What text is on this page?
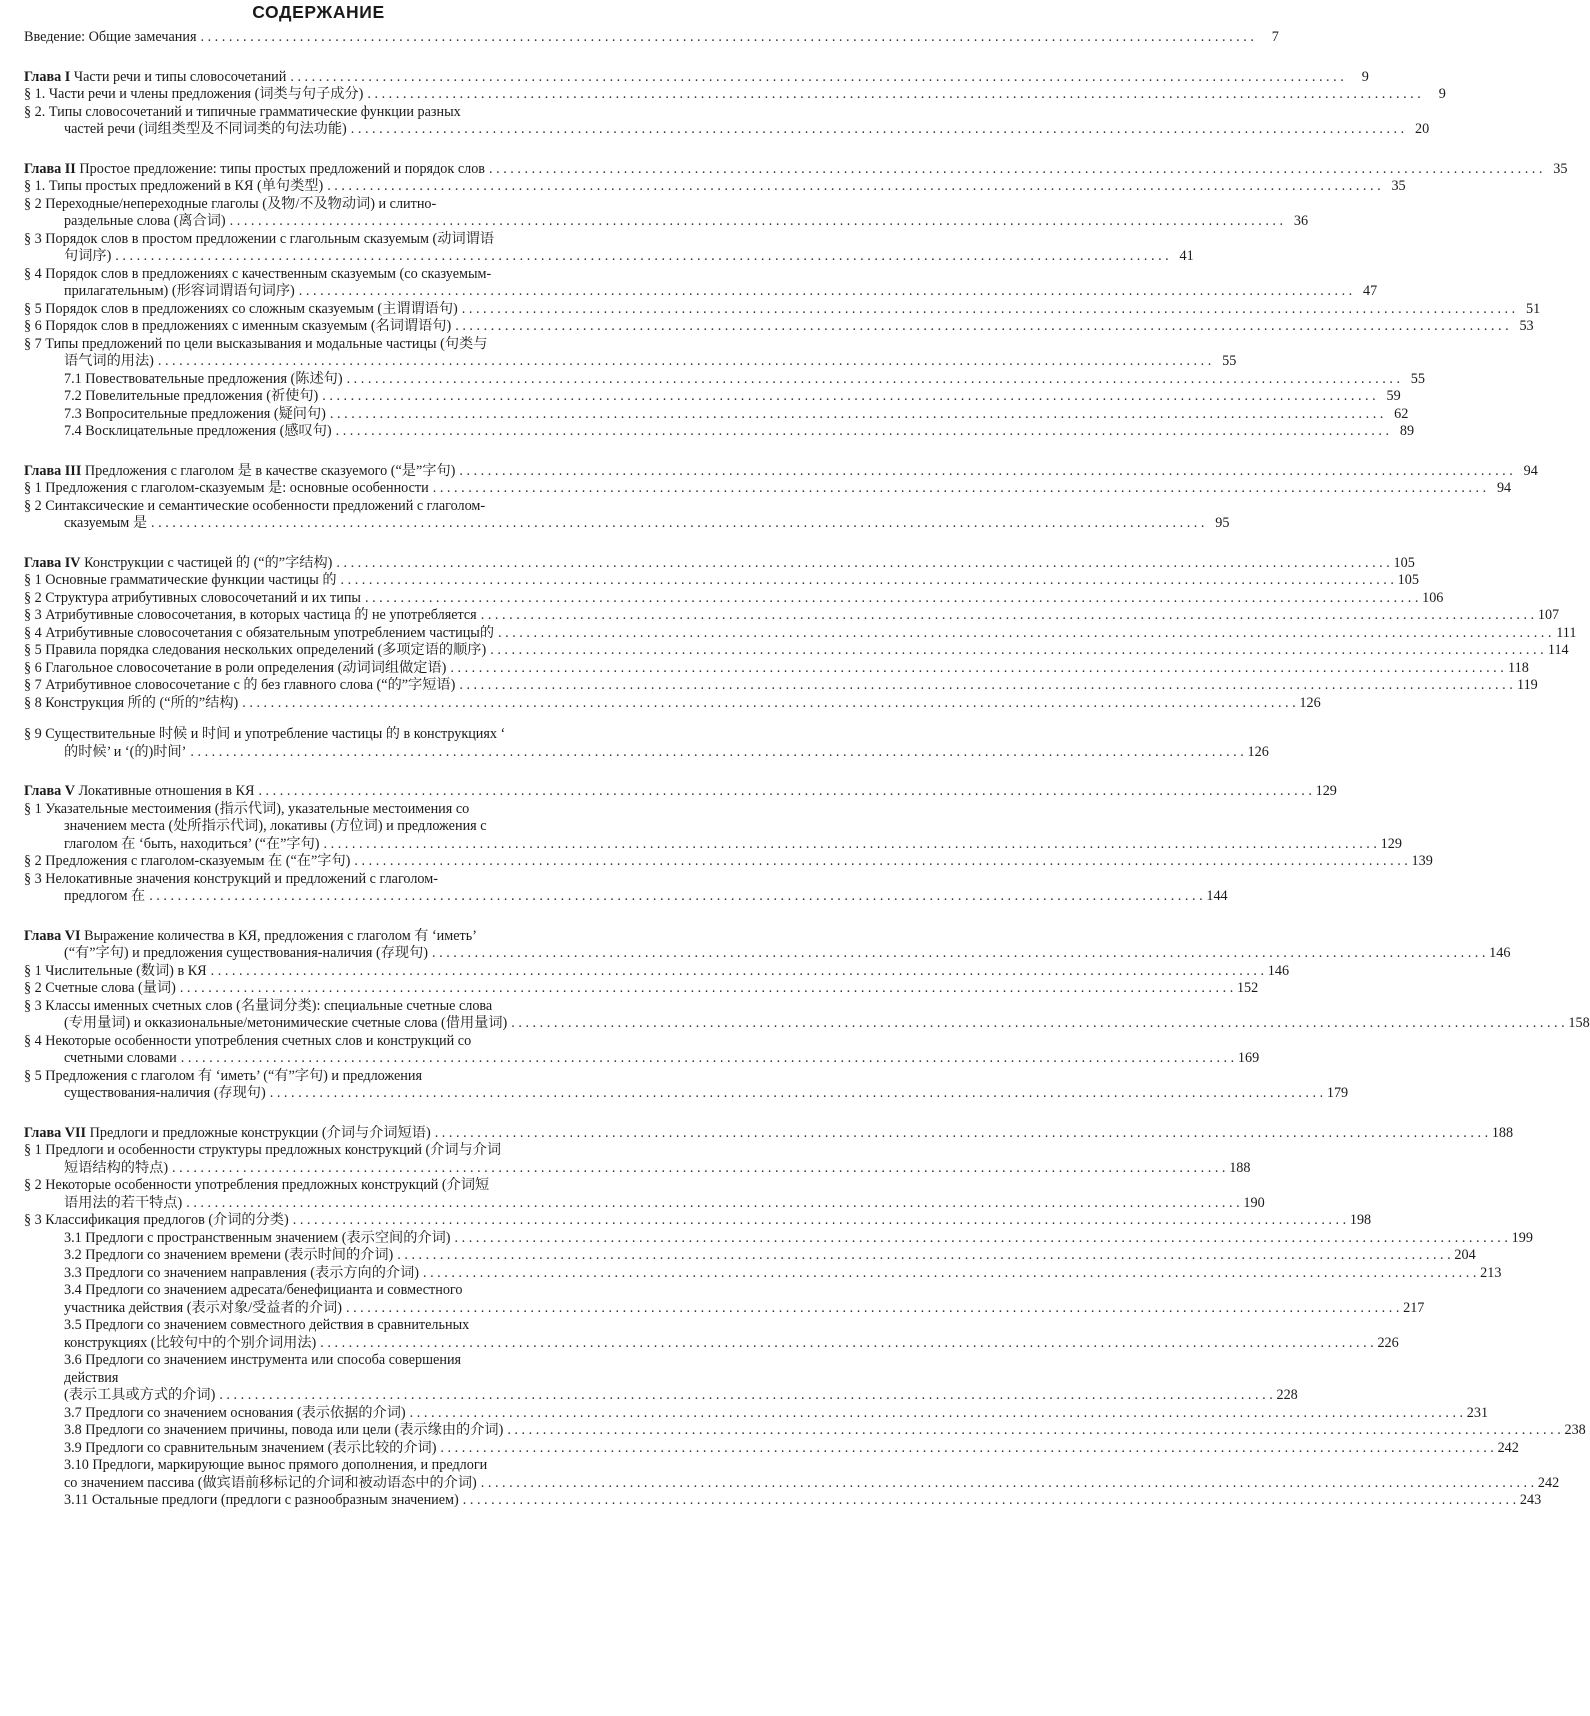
СОДЕРЖАНИЕ
Введение: Общие замечания . . .	7
Глава I Части речи и типы словосочетаний . . .	9
§ 1. Части речи и члены предложения (词类与句子成分) . . .	9
§ 2. Типы словосочетаний и типичные грамматические функции разных
частей речи (词组类型及不同词类的句法功能) . . .	20
Глава II Простое предложение: типы простых предложений и порядок слов . . .	35
§ 1. Типы простых предложений в КЯ (单句类型) . . .	35
§ 2 Переходные/непереходные глаголы (及物/不及物动词) и слитно-
раздельные слова (离合词) . . .	36
§ 3 Порядок слов в простом предложении с глагольным сказуемым (动词谓语
句词序) . . .	41
§ 4 Порядок слов в предложениях с качественным сказуемым (со сказуемым-
прилагательным) (形容词谓语句词序) . . .	47
§ 5 Порядок слов в предложениях со сложным сказуемым (主谓谓语句) . . .	51
§ 6 Порядок слов в предложениях с именным сказуемым (名词谓语句) . . .	53
§ 7 Типы предложений по цели высказывания и модальные частицы (句类与
语气词的用法) . . .	55
7.1 Повествовательные предложения (陈述句) . . .	55
7.2 Повелительные предложения (祈使句) . . .	59
7.3 Вопросительные предложения (疑问句) . . .	62
7.4 Восклицательные предложения (感叹句) . . .	89
Глава III Предложения с глаголом 是 в качестве сказуемого (“是”字句) . . .	94
§ 1 Предложения с глаголом-сказуемым 是: основные особенности . . .	94
§ 2 Синтаксические и семантические особенности предложений с глаголом-
сказуемым 是 . . .	95
Глава IV Конструкции с частицей 的 (“的”字结构) . . .	105
§ 1 Основные грамматические функции частицы 的 . . .	105
§ 2 Структура атрибутивных словосочетаний и их типы . . .	106
§ 3 Атрибутивные словосочетания, в которых частица 的 не употребляется . . .	107
§ 4 Атрибутивные словосочетания с обязательным употреблением частицы的 . . .	111
§ 5 Правила порядка следования нескольких определений (多项定语的顺序) . . .	114
§ 6 Глагольное словосочетание в роли определения (动词词组做定语) . . .	118
§ 7 Атрибутивное словосочетание с 的 без главного слова (“的”字短语) . . .	119
§ 8 Конструкция 所的 (“所的”结构) . . .	126
§ 9 Существительные 时候 и 时间 и употребление частицы 的 в конструкциях ‘
的时候’ и ‘(的)时间’ . . .	126
Глава V Локативные отношения в КЯ . . .	129
§ 1 Указательные местоимения (指示代词), указательные местоимения со
значением места (处所指示代词), локативы (方位词) и предложения с
глаголом 在 ‘быть, находиться’ (“在”字句) . . .	129
§ 2 Предложения с глаголом-сказуемым 在 (“在”字句) . . .	139
§ 3 Нелокативные значения конструкций и предложений с глаголом-
предлогом 在 . . .	144
Глава VI Выражение количества в КЯ, предложения с глаголом 有 ‘иметь’
(“有”字句) и предложения существования-наличия (存现句) . . .	146
§ 1 Числительные (数词) в КЯ . . .	146
§ 2 Счетные слова (量词) . . .	152
§ 3 Классы именных счетных слов (名量词分类): специальные счетные слова
(专用量词) и окказиональные/метонимические счетные слова (借用量词) . . .	158
§ 4 Некоторые особенности употребления счетных слов и конструкций со
счетными словами . . .	169
§ 5 Предложения с глаголом 有 ‘иметь’ (“有”字句) и предложения
существования-наличия (存现句) . . .	179
Глава VII Предлоги и предложные конструкции (介词与介词短语) . . .	188
§ 1 Предлоги и особенности структуры предложных конструкций (介词与介词
短语结构的特点) . . .	188
§ 2 Некоторые особенности употребления предложных конструкций (介词短
语用法的若干特点) . . .	190
§ 3 Классификация предлогов (介词的分类) . . .	198
3.1 Предлоги с пространственным значением (表示空间的介词) . . .	199
3.2 Предлоги со значением времени (表示时间的介词) . . .	204
3.3 Предлоги со значением направления (表示方向的介词) . . .	213
3.4 Предлоги со значением адресата/бенефицианта и совместного
участника действия (表示对象/受益者的介词) . . .	217
3.5 Предлоги со значением совместного действия в сравнительных
конструкциях (比较句中的个别介词用法) . . .	226
3.6 Предлоги со значением инструмента или способа совершения
действия
(表示工具或方式的介词) . . .	228
3.7 Предлоги со значением основания (表示依据的介词) . . .	231
3.8 Предлоги со значением причины, повода или цели (表示缘由的介词) . . .	238
3.9 Предлоги со сравнительным значением (表示比较的介词) . . .	242
3.10 Предлоги, маркирующие вынос прямого дополнения, и предлоги
со значением пассива (做宾语前移标记的介词和被动语态中的介词) . . .	242
3.11 Остальные предлоги (предлоги с разнообразным значением) . . .	243
